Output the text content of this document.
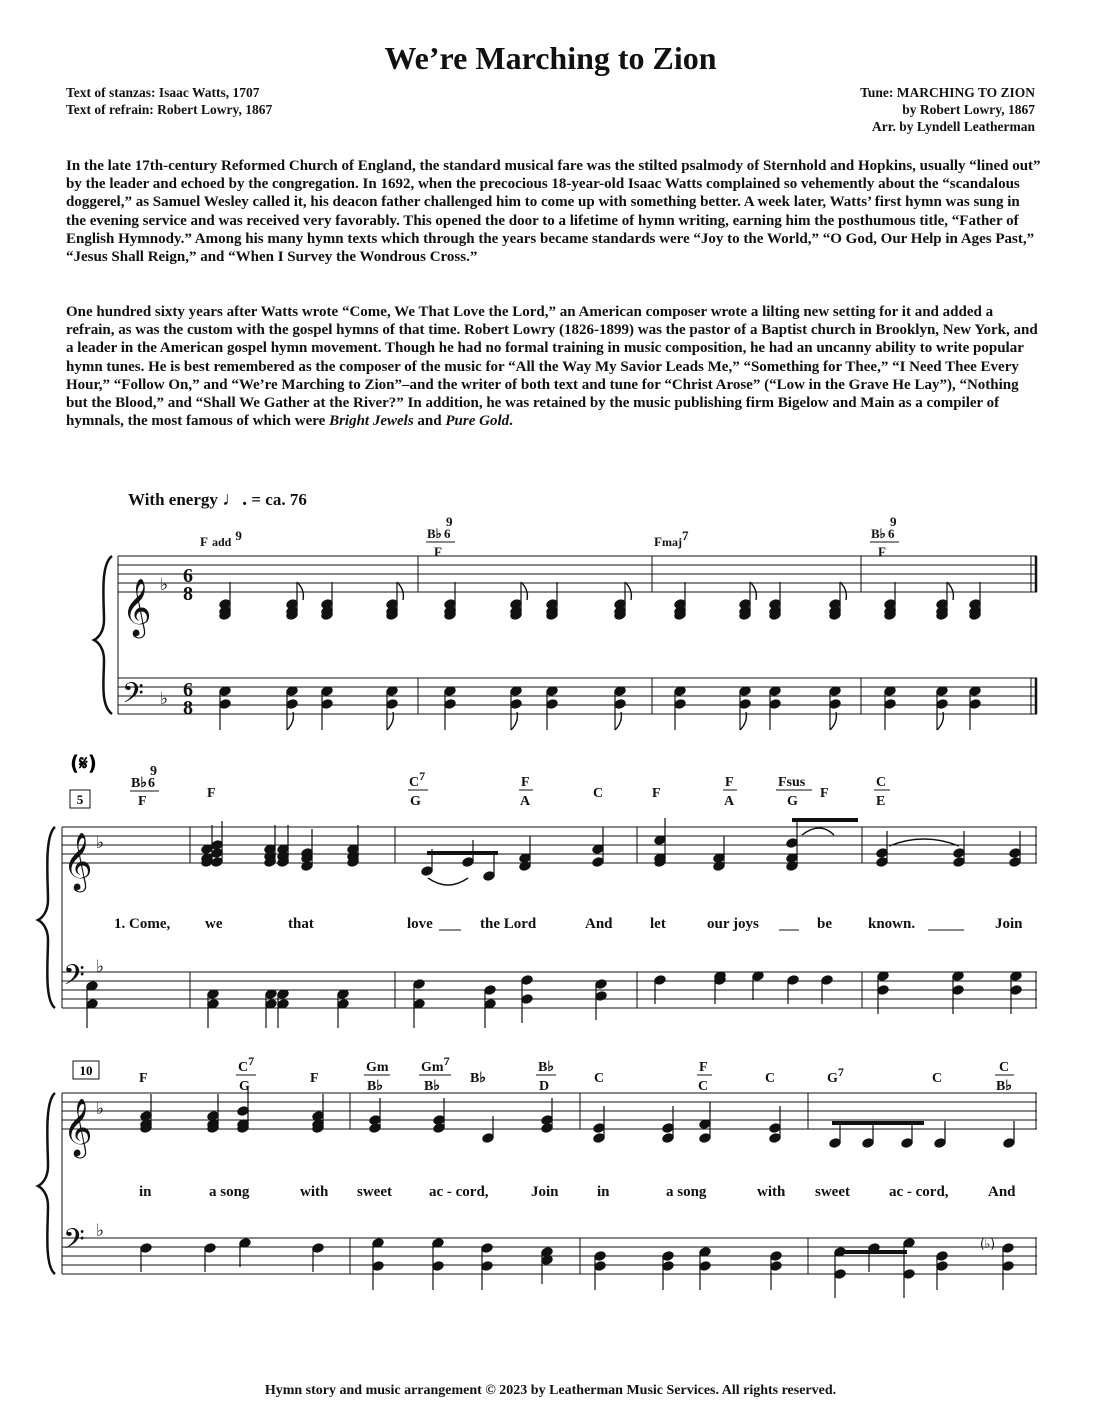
We’re Marching to Zion
Text of stanzas: Isaac Watts, 1707
Text of refrain: Robert Lowry, 1867
Tune: MARCHING TO ZION
by Robert Lowry, 1867
Arr. by Lyndell Leatherman

In the late 17th-century Reformed Church of England, the standard musical fare was the stilted psalmody of Sternhold and Hopkins, usually “lined out” by the leader and echoed by the congregation. In 1692, when the precocious 18-year-old Isaac Watts complained so vehemently about the “scandalous doggerel,” as Samuel Wesley called it, his deacon father challenged him to come up with something better. A week later, Watts’ first hymn was sung in the evening service and was received very favorably. This opened the door to a lifetime of hymn writing, earning him the posthumous title, “Father of English Hymnody.” Among his many hymn texts which through the years became standards were “Joy to the World,” “O God, Our Help in Ages Past,” “Jesus Shall Reign,” and “When I Survey the Wondrous Cross.”

One hundred sixty years after Watts wrote “Come, We That Love the Lord,” an American composer wrote a lilting new setting for it and added a refrain, as was the custom with the gospel hymns of that time. Robert Lowry (1826-1899) was the pastor of a Baptist church in Brooklyn, New York, and a leader in the American gospel hymn movement. Though he had no formal training in music composition, he had an uncanny ability to write popular hymn tunes. He is best remembered as the composer of the music for “All the Way My Savior Leads Me,” “Something for Thee,” “I Need Thee Every Hour,” “Follow On,” and “We’re Marching to Zion”–and the writer of both text and tune for “Christ Arose” (“Low in the Grave He Lay”), “Nothing but the Blood,” and “Shall We Gather at the River?” In addition, he was retained by the music publishing firm Bigelow and Main as a compiler of hymnals, the most famous of which were Bright Jewels and Pure Gold.

With energy ♩. = ca. 76
𝄞
𝄢
𝄞
𝄢
𝄞
𝄢
♭
♭
♭
♭
♭
♭
6
8
6
8
(𝄋)
5
10
F add 9	B♭ 6
9
F
Fmaj7	B♭ 6
9
F
B♭ 6
9
F
F
C7
G
F
A
C	F
F
A
Fsus
G
F
C
E
F
C7
G
F
Gm
B♭
Gm7
B♭
B♭
B♭
D
C
F
C
C	G7	C
C
B♭
1. Come, we	that	love	the Lord	And let	our joys	be known.	Join
in	a song	with sweet ac - cord,	Join	in	a song	with sweet	ac - cord,	And
(♭)
Hymn story and music arrangement © 2023 by Leatherman Music Services. All rights reserved.
